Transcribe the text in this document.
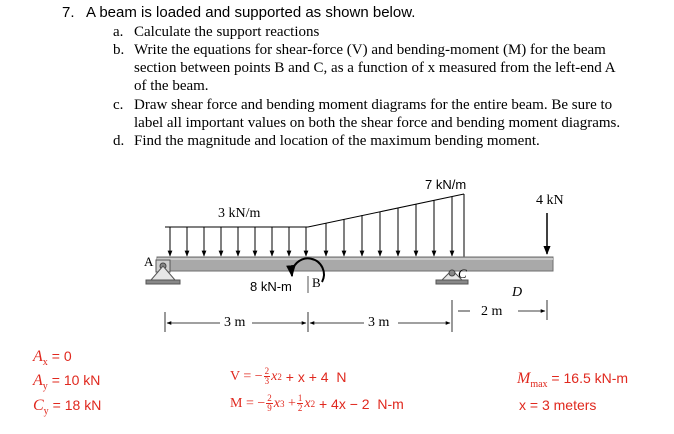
7. A beam is loaded and supported as shown below.
a. Calculate the support reactions
b. Write the equations for shear-force (V) and bending-moment (M) for the beam
section between points B and C, as a function of x measured from the left-end A
of the beam.
c. Draw shear force and bending moment diagrams for the entire beam. Be sure to
label all important values on both the shear force and bending moment diagrams.
d. Find the magnitude and location of the maximum bending moment.
3 kN/m
7 kN/m
4 kN
A
8 kN-m B
C
D
3 m	3 m
2 m
$A_x = 0$
$A_y = 10$ kN
$C_y = 18$ kN
V = − $\frac{2}{3}$ x 2 + x + 4  N
M = − $\frac{2}{9}$ x $3 + \frac{1}{2}$ x 2 + 4x − 2  N-m
$M_{max} = 16.5$ kN-m
x = 3 meters
